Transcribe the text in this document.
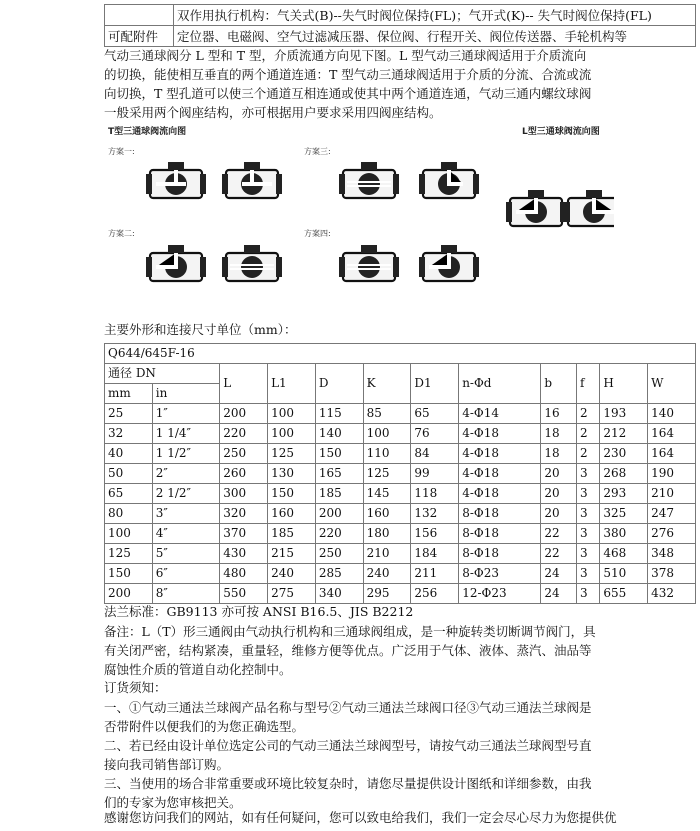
	双作用执行机构：气关式(B)--失气时阀位保持(FL)；气开式(K)-- 失气时阀位保持(FL)
可配附件	定位器、电磁阀、空气过滤减压器、保位阀、行程开关、阀位传送器、手轮机构等

气动三通球阀分 L 型和 T 型，介质流通方向见下图。L 型气动三通球阀适用于介质流向的切换，能使相互垂直的两个通道连通：T 型气动三通球阀适用于介质的分流、合流或流向切换，T 型孔道可以使三个通道互相连通或使其中两个通道连通，气动三通内螺纹球阀一般采用两个阀座结构，亦可根据用户要求采用四阀座结构。

T型三通球阀流向图	L型三通球阀流向图
方案一:	方案三:
方案二:	方案四:
主要外形和连接尺寸单位（mm）：
Q644/645F-16											
通径 DN		L	L1	D	K	D1	n-Φd	b	f	H	W
mm	in										
25	1″	200	100	115	85	65	4-Φ14	16	2	193	140
32	1 1/4″	220	100	140	100	76	4-Φ18	18	2	212	164
40	1 1/2″	250	125	150	110	84	4-Φ18	18	2	230	164
50	2″	260	130	165	125	99	4-Φ18	20	3	268	190
65	2 1/2″	300	150	185	145	118	4-Φ18	20	3	293	210
80	3″	320	160	200	160	132	8-Φ18	20	3	325	247
100	4″	370	185	220	180	156	8-Φ18	22	3	380	276
125	5″	430	215	250	210	184	8-Φ18	22	3	468	348
150	6″	480	240	285	240	211	8-Φ23	24	3	510	378
200	8″	550	275	340	295	256	12-Φ23	24	3	655	432
法兰标准：GB9113 亦可按 ANSI B16.5、JIS B2212

备注：L（T）形三通阀由气动执行机构和三通球阀组成，是一种旋转类切断调节阀门，具有关闭严密，结构紧凑，重量轻，维修方便等优点。广泛用于气体、液体、蒸汽、油品等腐蚀性介质的管道自动化控制中。

订货须知：

一、①气动三通法兰球阀产品名称与型号②气动三通法兰球阀口径③气动三通法兰球阀是否带附件以便我们的为您正确选型。

二、若已经由设计单位选定公司的气动三通法兰球阀型号，请按气动三通法兰球阀型号直接向我司销售部订购。

三、当使用的场合非常重要或环境比较复杂时，请您尽量提供设计图纸和详细参数，由我们的专家为您审核把关。

感谢您访问我们的网站，如有任何疑问，您可以致电给我们，我们一定会尽心尽力为您提供优
